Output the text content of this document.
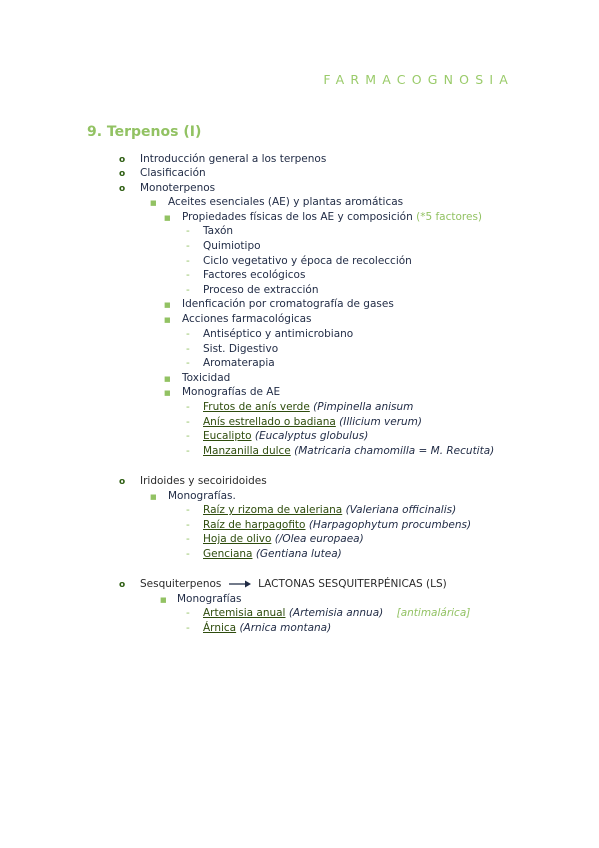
FARMACOGNOSIA
9. Terpenos (I)
o Introducción general a los terpenos
o Clasificación
o Monoterpenos
■ Aceites esenciales (AE) y plantas aromáticas
■ Propiedades físicas de los AE y composición (*5 factores)
- Taxón
- Quimiotipo
- Ciclo vegetativo y época de recolección
- Factores ecológicos
- Proceso de extracción
■ Idenficación por cromatografía de gases
■ Acciones farmacológicas
- Antiséptico y antimicrobiano
- Sist. Digestivo
- Aromaterapia
■ Toxicidad
■ Monografías de AE
- Frutos de anís verde (Pimpinella anisum
- Anís estrellado o badiana (Illicium verum)
- Eucalipto (Eucalyptus globulus)
- Manzanilla dulce (Matricaria chamomilla = M. Recutita)
o Iridoides y secoiridoides
■ Monografías.
- Raíz y rizoma de valeriana (Valeriana officinalis)
- Raíz de harpagofito (Harpagophytum procumbens)
- Hoja de olivo (/Olea europaea)
- Genciana (Gentiana lutea)
o Sesquiterpenos	LACTONAS SESQUITERPÉNICAS (LS)
■ Monografías
- Artemisia anual (Artemisia annua) [antimalárica]
- Árnica (Arnica montana)
